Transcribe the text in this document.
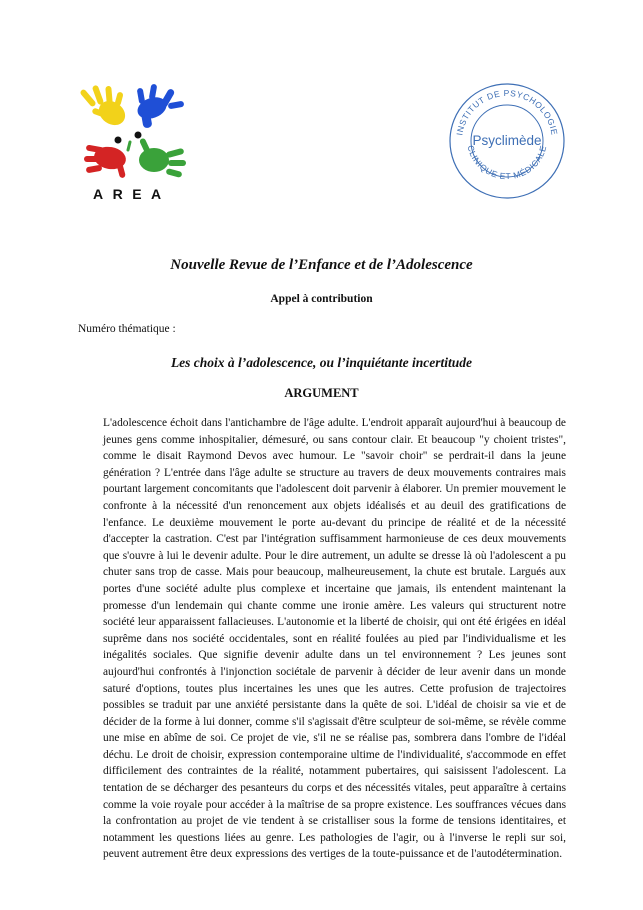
AREA
INSTITUT DE PSYCHOLOGIE
CLINIQUE ET MÉDICALE
Psyclimède
Nouvelle Revue de l’Enfance et de l’Adolescence
Appel à contribution
Numéro thématique :
Les choix à l’adolescence, ou l’inquiétante incertitude
ARGUMENT

L'adolescence échoit dans l'antichambre de l'âge adulte. L'endroit apparaît aujourd'hui à beaucoup de jeunes gens comme inhospitalier, démesuré, ou sans contour clair. Et beaucoup "y choient tristes", comme le disait Raymond Devos avec humour. Le "savoir choir" se perdrait-il dans la jeune génération ? L'entrée dans l'âge adulte se structure au travers de deux mouvements contraires mais pourtant largement concomitants que l'adolescent doit parvenir à élaborer. Un premier mouvement le confronte à la nécessité d'un renoncement aux objets idéalisés et au deuil des gratifications de l'enfance. Le deuxième mouvement le porte au-devant du principe de réalité et de la nécessité d'accepter la castration. C'est par l'intégration suffisamment harmonieuse de ces deux mouvements que s'ouvre à lui le devenir adulte. Pour le dire autrement, un adulte se dresse là où l'adolescent a pu chuter sans trop de casse. Mais pour beaucoup, malheureusement, la chute est brutale. Largués aux portes d'une société adulte plus complexe et incertaine que jamais, ils entendent maintenant la promesse d'un lendemain qui chante comme une ironie amère. Les valeurs qui structurent notre société leur apparaissent fallacieuses. L'autonomie et la liberté de choisir, qui ont été érigées en idéal suprême dans nos société occidentales, sont en réalité foulées au pied par l'individualisme et les inégalités sociales. Que signifie devenir adulte dans un tel environnement ? Les jeunes sont aujourd'hui confrontés à l'injonction sociétale de parvenir à décider de leur avenir dans un monde saturé d'options, toutes plus incertaines les unes que les autres. Cette profusion de trajectoires possibles se traduit par une anxiété persistante dans la quête de soi. L'idéal de choisir sa vie et de décider de la forme à lui donner, comme s'il s'agissait d'être sculpteur de soi-même, se révèle comme une mise en abîme de soi. Ce projet de vie, s'il ne se réalise pas, sombrera dans l'ombre de l'idéal déchu. Le droit de choisir, expression contemporaine ultime de l'individualité, s'accommode en effet difficilement des contraintes de la réalité, notamment pubertaires, qui saisissent l'adolescent. La tentation de se décharger des pesanteurs du corps et des nécessités vitales, peut apparaître à certains comme la voie royale pour accéder à la maîtrise de sa propre existence. Les souffrances vécues dans la confrontation au projet de vie tendent à se cristalliser sous la forme de tensions identitaires, et notamment les questions liées au genre. Les pathologies de l'agir, ou à l'inverse le repli sur soi, peuvent autrement être deux expressions des vertiges de la toute-puissance et de l'autodétermination.
